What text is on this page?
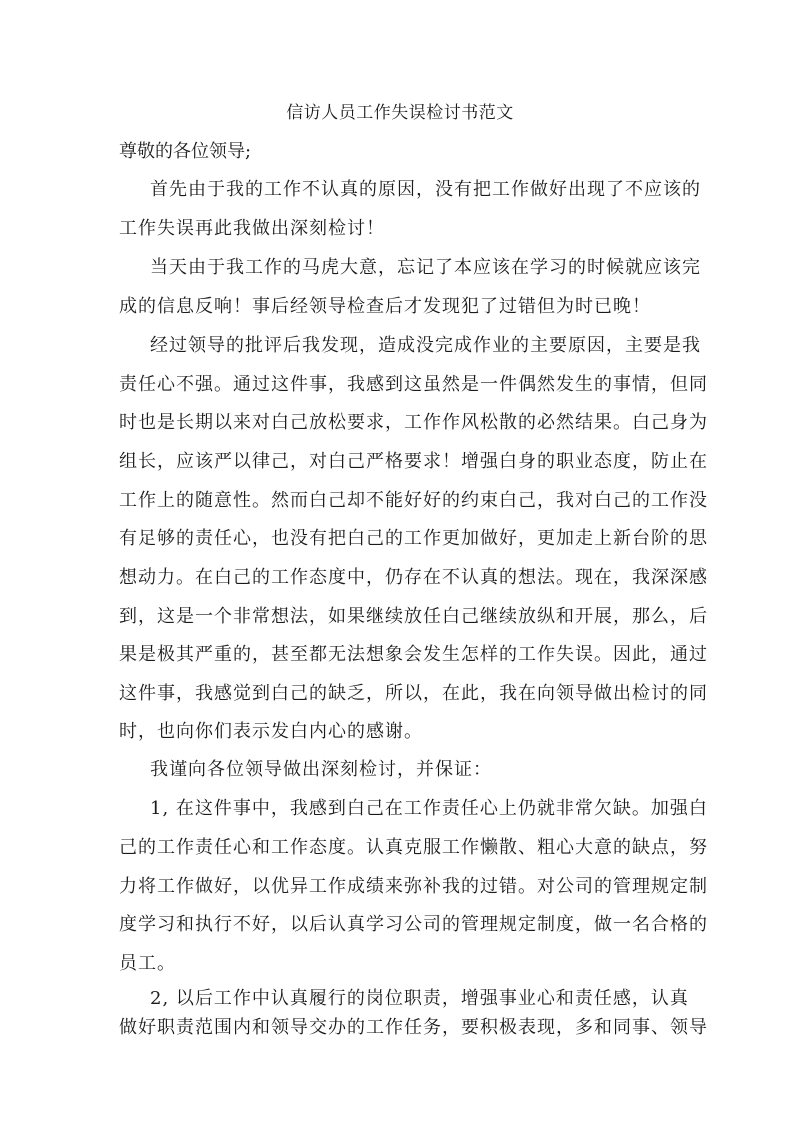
信访人员工作失误检讨书范文
尊敬的各位领导;
首先由于我的工作不认真的原因，没有把工作做好出现了不应该的
工作失误再此我做出深刻检讨！
当天由于我工作的马虎大意，忘记了本应该在学习的时候就应该完
成的信息反响！事后经领导检查后才发现犯了过错但为时已晚！
经过领导的批评后我发现，造成没完成作业的主要原因，主要是我
责任心不强。通过这件事，我感到这虽然是一件偶然发生的事情，但同
时也是长期以来对白己放松要求，工作作风松散的必然结果。白己身为
组长，应该严以律己，对白己严格要求！增强白身的职业态度，防止在
工作上的随意性。然而白己却不能好好的约束白己，我对白己的工作没
有足够的责任心，也没有把白己的工作更加做好，更加走上新台阶的思
想动力。在白己的工作态度中，仍存在不认真的想法。现在，我深深感
到，这是一个非常想法，如果继续放任白己继续放纵和开展，那么，后
果是极其严重的，甚至都无法想象会发生怎样的工作失误。因此，通过
这件事，我感觉到白己的缺乏，所以，在此，我在向领导做出检讨的同
时，也向你们表示发白内心的感谢。
我谨向各位领导做出深刻检讨，并保证：
1, 在这件事中，我感到白己在工作责任心上仍就非常欠缺。加强白
己的工作责任心和工作态度。认真克服工作懒散、粗心大意的缺点，努
力将工作做好，以优异工作成绩来弥补我的过错。对公司的管理规定制
度学习和执行不好，以后认真学习公司的管理规定制度，做一名合格的
员工。
2, 以后工作中认真履行的岗位职责，增强事业心和责任感，认真
做好职责范围内和领导交办的工作任务，要积极表现，多和同事、领导
